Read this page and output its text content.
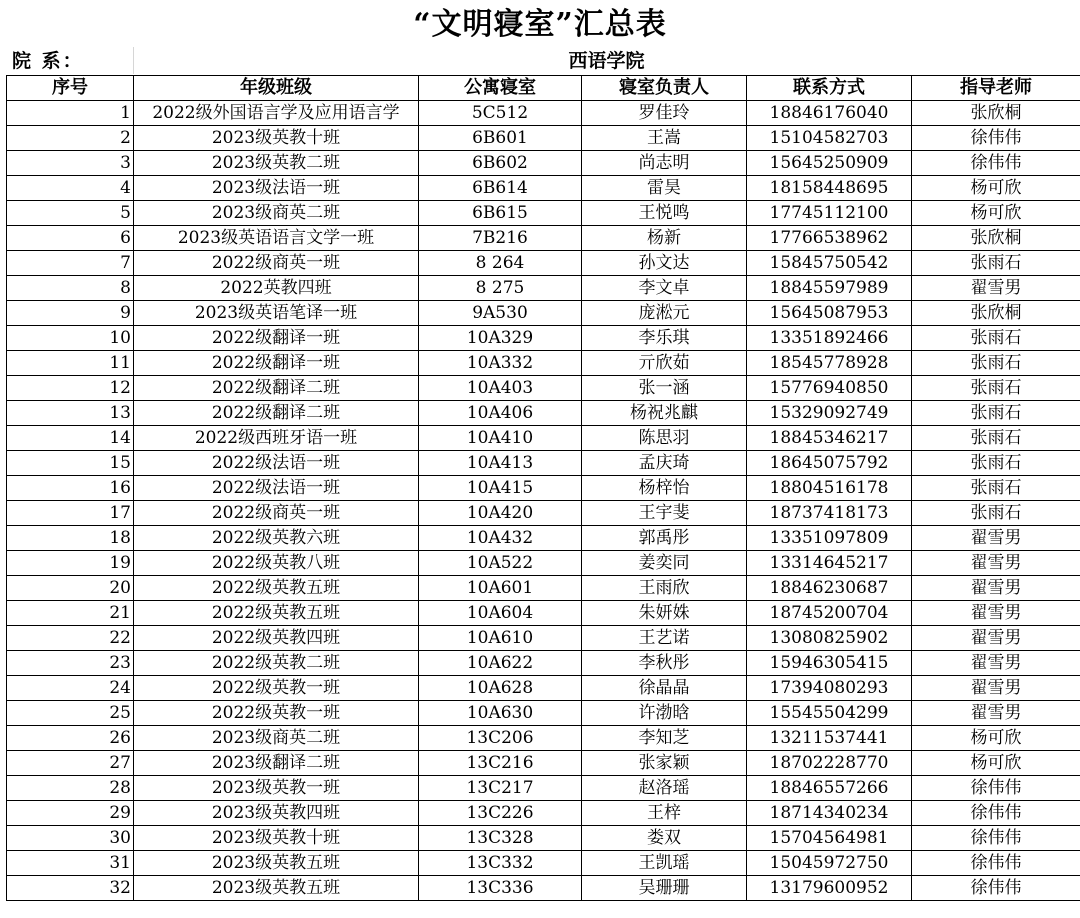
“文明寝室”汇总表
院 系：	西语学院
序号	年级班级	公寓寝室	寝室负责人	联系方式	指导老师
1	2022级外国语言学及应用语言学	5C512	罗佳玲	18846176040	张欣桐
2	2023级英教十班	6B601	王嵩	15104582703	徐伟伟
3	2023级英教二班	6B602	尚志明	15645250909	徐伟伟
4	2023级法语一班	6B614	雷昊	18158448695	杨可欣
5	2023级商英二班	6B615	王悦鸣	17745112100	杨可欣
6	2023级英语语言文学一班	7B216	杨新	17766538962	张欣桐
7	2022级商英一班	8 264	孙文达	15845750542	张雨石
8	2022英教四班	8 275	李文卓	18845597989	翟雪男
9	2023级英语笔译一班	9A530	庞淞元	15645087953	张欣桐
10	2022级翻译一班	10A329	李乐琪	13351892466	张雨石
11	2022级翻译一班	10A332	亓欣茹	18545778928	张雨石
12	2022级翻译二班	10A403	张一涵	15776940850	张雨石
13	2022级翻译二班	10A406	杨祝兆麒	15329092749	张雨石
14	2022级西班牙语一班	10A410	陈思羽	18845346217	张雨石
15	2022级法语一班	10A413	孟庆琦	18645075792	张雨石
16	2022级法语一班	10A415	杨梓怡	18804516178	张雨石
17	2022级商英一班	10A420	王宇斐	18737418173	张雨石
18	2022级英教六班	10A432	郭禹彤	13351097809	翟雪男
19	2022级英教八班	10A522	姜奕同	13314645217	翟雪男
20	2022级英教五班	10A601	王雨欣	18846230687	翟雪男
21	2022级英教五班	10A604	朱妍姝	18745200704	翟雪男
22	2022级英教四班	10A610	王艺诺	13080825902	翟雪男
23	2022级英教二班	10A622	李秋彤	15946305415	翟雪男
24	2022级英教一班	10A628	徐晶晶	17394080293	翟雪男
25	2022级英教一班	10A630	许渤晗	15545504299	翟雪男
26	2023级商英二班	13C206	李知芝	13211537441	杨可欣
27	2023级翻译二班	13C216	张家颖	18702228770	杨可欣
28	2023级英教一班	13C217	赵洛瑶	18846557266	徐伟伟
29	2023级英教四班	13C226	王梓	18714340234	徐伟伟
30	2023级英教十班	13C328	娄双	15704564981	徐伟伟
31	2023级英教五班	13C332	王凯瑶	15045972750	徐伟伟
32	2023级英教五班	13C336	吴珊珊	13179600952	徐伟伟
